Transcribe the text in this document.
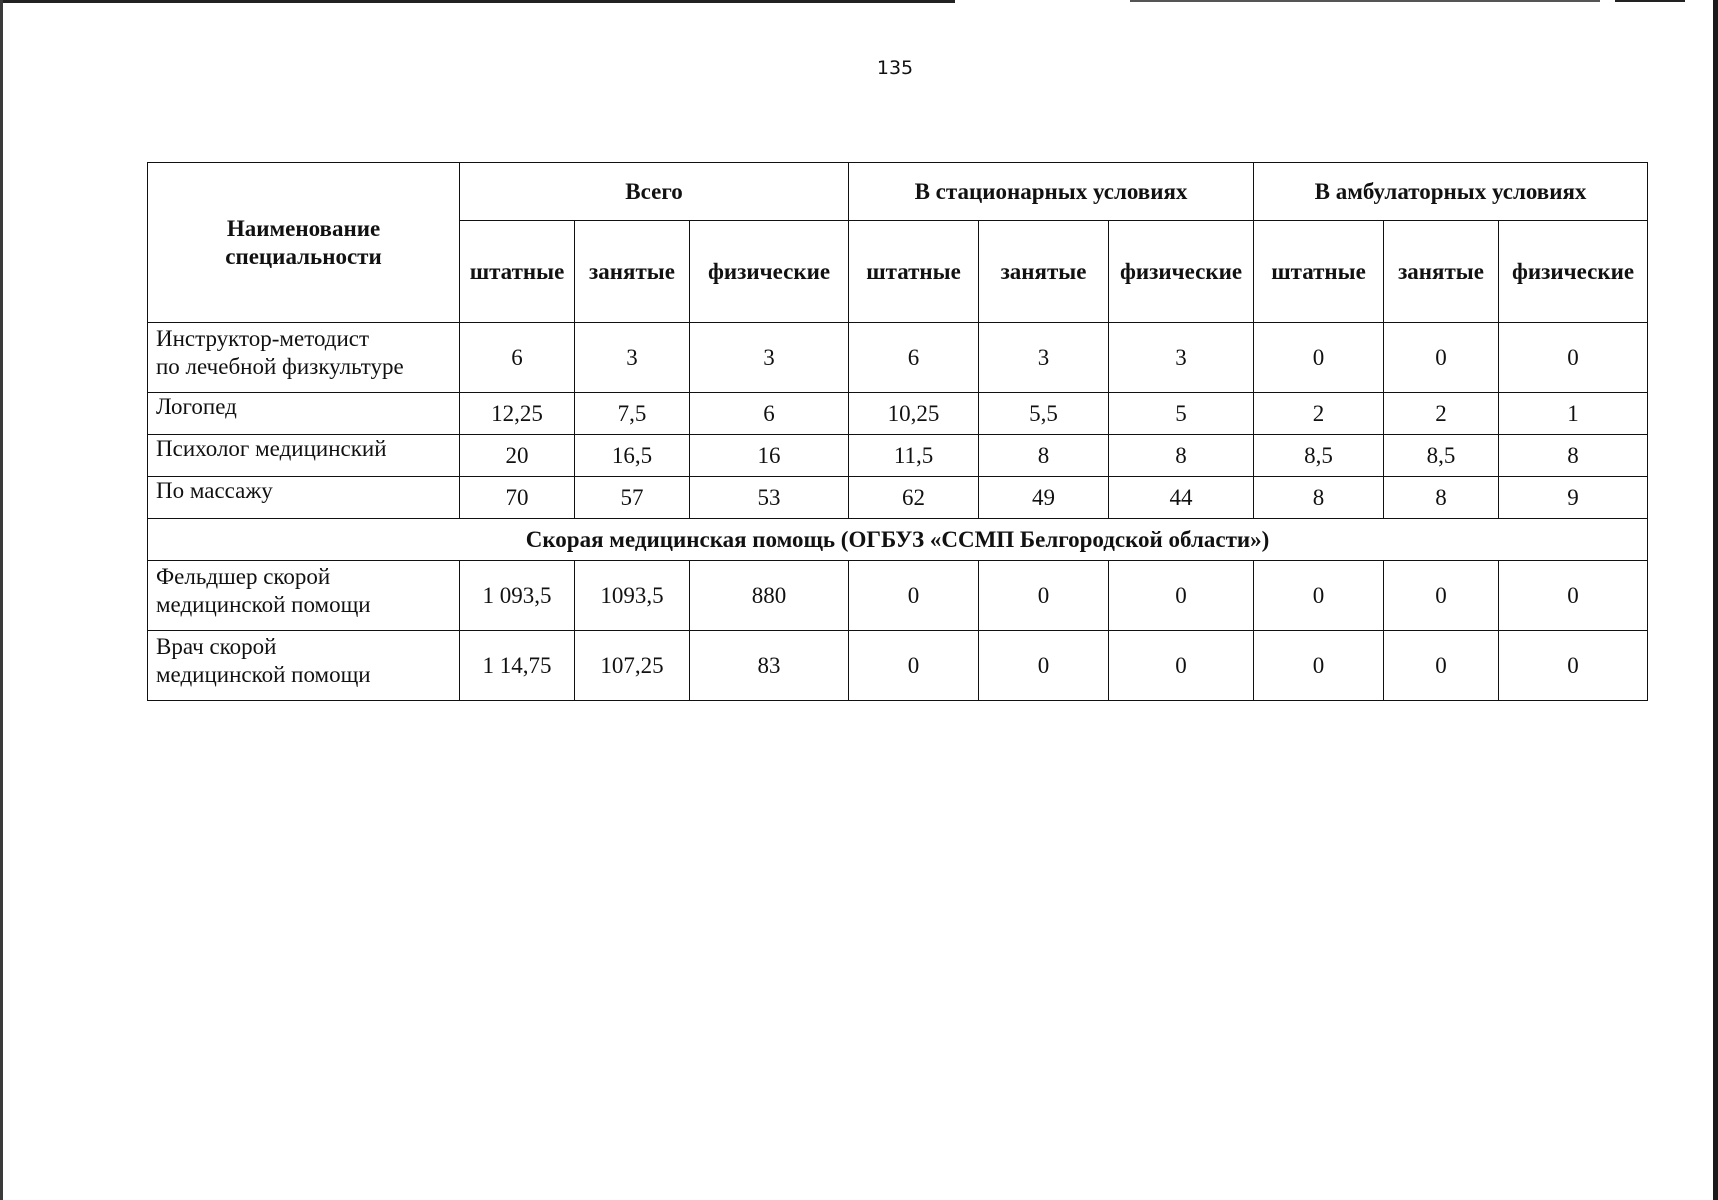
135
Наименование специальности	Всего			В стационарных условиях			В амбулаторных условиях		
	штатные	занятые	физические	штатные	занятые	физические	штатные	занятые	физические
Инструктор-методист
по лечебной физкультуре	6	3	3	6	3	3	0	0	0
Логопед	12,25	7,5	6	10,25	5,5	5	2	2	1
Психолог медицинский	20	16,5	16	11,5	8	8	8,5	8,5	8
По массажу	70	57	53	62	49	44	8	8	9
Скорая медицинская помощь (ОГБУЗ «ССМП Белгородской области»)									
Фельдшер скорой
медицинской помощи	1 093,5	1093,5	880	0	0	0	0	0	0
Врач скорой
медицинской помощи	1 14,75	107,25	83	0	0	0	0	0	0
